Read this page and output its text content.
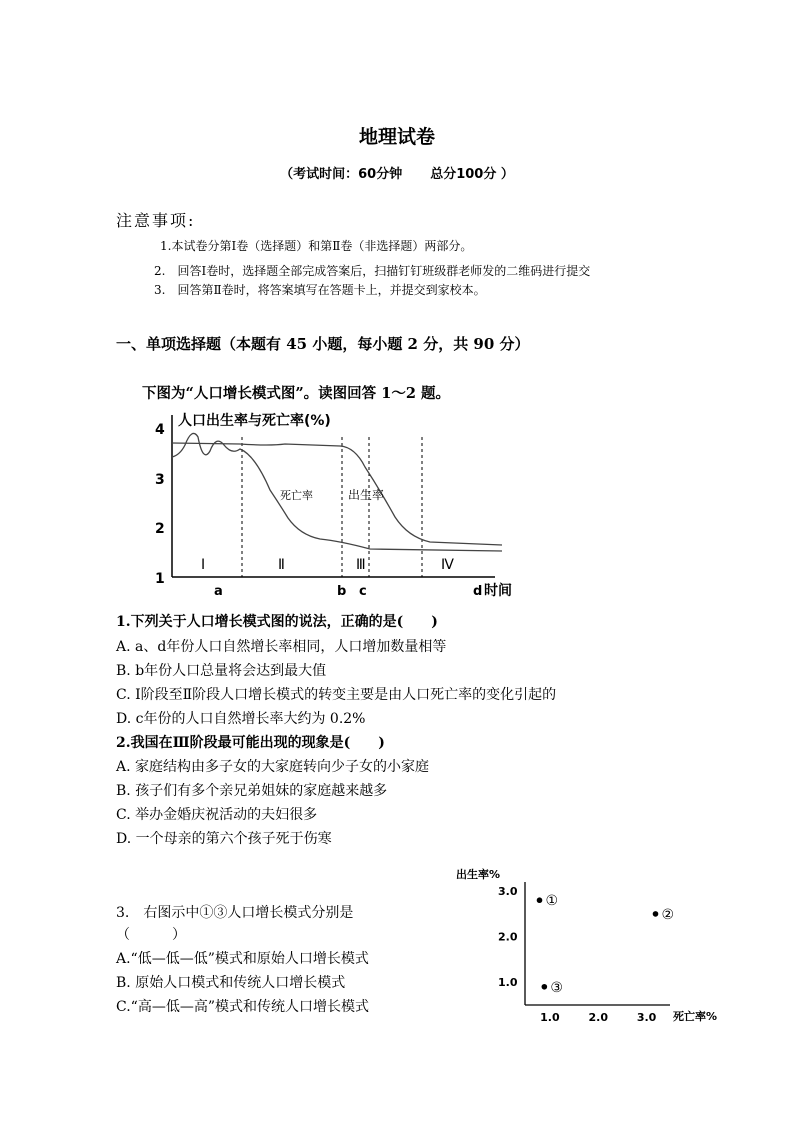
地理试卷
（考试时间：60分钟 总分100分 ）
注意事项:
1.本试卷分第Ⅰ卷（选择题）和第Ⅱ卷（非选择题）两部分。
2.　回答Ⅰ卷时，选择题全部完成答案后，扫描钉钉班级群老师发的二维码进行提交
3.　回答第Ⅱ卷时，将答案填写在答题卡上，并提交到家校本。
一、单项选择题（本题有 45 小题，每小题 2 分，共 90 分）
下图为“人口增长模式图”。读图回答 1～2 题。
4
3
2
1
人口出生率与死亡率(%)
死亡率	出生率
Ⅰ	Ⅱ	Ⅲ	Ⅳ
a	b c	d 时间
1.下列关于人口增长模式图的说法，正确的是(　　)
A. a、d年份人口自然增长率相同，人口增加数量相等
B. b年份人口总量将会达到最大值
C. Ⅰ阶段至Ⅱ阶段人口增长模式的转变主要是由人口死亡率的变化引起的
D. c年份的人口自然增长率大约为 0.2%
2.我国在Ⅲ阶段最可能出现的现象是(　　)
A. 家庭结构由多子女的大家庭转向少子女的小家庭
B. 孩子们有多个亲兄弟姐妹的家庭越来越多
C. 举办金婚庆祝活动的夫妇很多
D. 一个母亲的第六个孩子死于伤寒
3.　右图示中①③人口增长模式分别是
（　　　）
A.“低—低—低”模式和原始人口增长模式
B. 原始人口模式和传统人口增长模式
C.“高—低—高”模式和传统人口增长模式
出生率%
1.0	2.0	3.0
3.0
2.0
1.0
①
②
③
死亡率%
